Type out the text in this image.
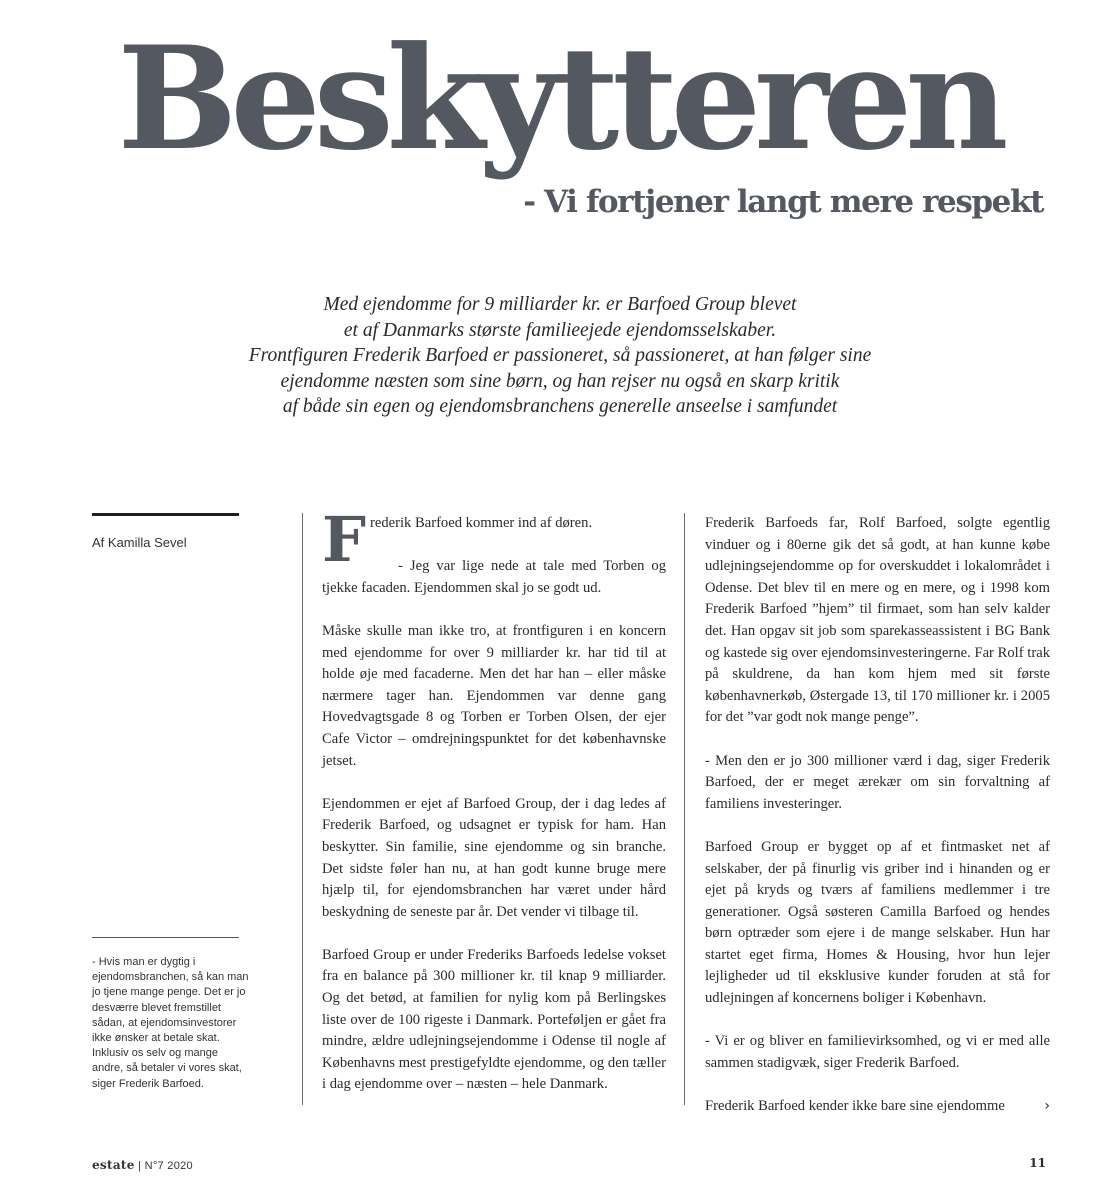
Beskytteren
- Vi fortjener langt mere respekt
Med ejendomme for 9 milliarder kr. er Barfoed Group blevet
et af Danmarks største familieejede ejendomsselskaber.
Frontfiguren Frederik Barfoed er passioneret, så passioneret, at han følger sine
ejendomme næsten som sine børn, og han rejser nu også en skarp kritik
af både sin egen og ejendomsbranchens generelle anseelse i samfundet
Af Kamilla Sevel
- Hvis man er dygtig i ejendomsbranchen, så kan man jo tjene mange penge. Det er jo desværre blevet fremstillet sådan, at ejendomsinvestorer ikke ønsker at betale skat. Inklusiv os selv og mange andre, så betaler vi vores skat, siger Frederik Barfoed.

Frederik Barfoed kommer ind af døren.

- Jeg var lige nede at tale med Torben og tjekke facaden. Ejendommen skal jo se godt ud.

Måske skulle man ikke tro, at frontfiguren i en koncern med ejendomme for over 9 milliarder kr. har tid til at holde øje med facaderne. Men det har han – eller måske nærmere tager han. Ejendommen var denne gang Hovedvagtsgade 8 og Torben er Torben Olsen, der ejer Cafe Victor – omdrejningspunktet for det københavnske jetset.

Ejendommen er ejet af Barfoed Group, der i dag ledes af Frederik Barfoed, og udsagnet er typisk for ham. Han beskytter. Sin familie, sine ejendomme og sin branche. Det sidste føler han nu, at han godt kunne bruge mere hjælp til, for ejendomsbranchen har været under hård beskydning de seneste par år. Det vender vi tilbage til.

Barfoed Group er under Frederiks Barfoeds ledelse vokset fra en balance på 300 millioner kr. til knap 9 milliarder. Og det betød, at familien for nylig kom på Berlingskes liste over de 100 rigeste i Danmark. Porteføljen er gået fra mindre, ældre udlejningsejendomme i Odense til nogle af Københavns mest prestigefyldte ejendomme, og den tæller i dag ejendomme over – næsten – hele Danmark.

Frederik Barfoeds far, Rolf Barfoed, solgte egentlig vinduer og i 80erne gik det så godt, at han kunne købe udlejningsejendomme op for overskuddet i lokalområdet i Odense. Det blev til en mere og en mere, og i 1998 kom Frederik Barfoed ”hjem” til firmaet, som han selv kalder det. Han opgav sit job som sparekasseassistent i BG Bank og kastede sig over ejendomsinvesteringerne. Far Rolf trak på skuldrene, da han kom hjem med sit første københavnerkøb, Østergade 13, til 170 millioner kr. i 2005 for det ”var godt nok mange penge”.

- Men den er jo 300 millioner værd i dag, siger Frederik Barfoed, der er meget ærekær om sin forvaltning af familiens investeringer.

Barfoed Group er bygget op af et fintmasket net af selskaber, der på finurlig vis griber ind i hinanden og er ejet på kryds og tværs af familiens medlemmer i tre generationer. Også søsteren Camilla Barfoed og hendes børn optræder som ejere i de mange selskaber. Hun har startet eget firma, Homes & Housing, hvor hun lejer lejligheder ud til eksklusive kunder foruden at stå for udlejningen af koncernens boliger i København.

- Vi er og bliver en familievirksomhed, og vi er med alle sammen stadigvæk, siger Frederik Barfoed.

Frederik Barfoed kender ikke bare sine ejendomme	›

estate | N°7 2020	11
